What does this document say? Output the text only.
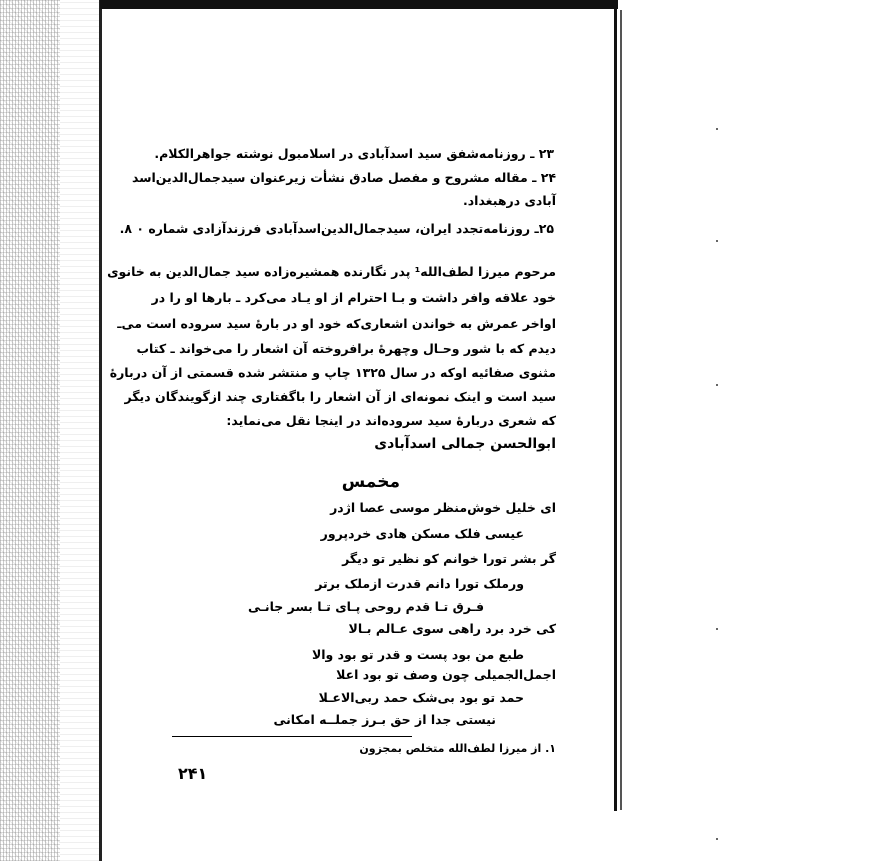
۲۳ ـ روزنامه‌شفق سید اسدآبادی در اسلامبول نوشته جواهرالکلام.
۲۴ ـ مقاله مشروح و مفصل صادق نشأت زیرعنوان سیدجمال‌الدین‌اسد
آبادی درهبغداد.
۲۵ـ روزنامه‌تجدد ایران، سیدجمال‌الدین‌اسدآبادی فرزندآزادی شماره ۰ ۸.
مرحوم میرزا لطف‌الله¹ پدر نگارنده همشیره‌زاده سید جمال‌الدین به خانوی
خود علاقه وافر داشت و بـا احترام از او یـاد می‌کرد ـ بارها او را در
اواخر عمرش به خواندن اشعاری‌که خود او در بارهٔ سید سروده است می‌ـ
دیدم که با شور وحـال وچهرهٔ برافروخته آن اشعار را می‌خواند ـ کتاب
مثنوی صفائیه اوکه در سال ۱۳۲۵ چاپ و منتشر شده قسمتی از آن دربارهٔ
سید است و اینک نمونه‌ای از آن اشعار را باگفتاری چند ازگویندگان دیگر
که شعری دربارهٔ سید سروده‌اند در اینجا نقل می‌نماید:
ابوالحسن جمالی اسدآبادی
مخمس
ای خلیل خوش‌منظر موسی عصا اژدر
عیسی فلک مسکن هادی خردپرور
گر بشر تورا خوانم کو نظیر تو دیگر
ورملک تورا دانم قدرت ازملک برتر
فـرق تـا قدم روحی پـای تـا بسر جانـی
کی خرد برد راهی سوی عـالم بـالا
طبع من بود پست و قدر تو بود والا
اجمل‌الجمیلی چون وصف تو بود اعلا
حمد تو بود بی‌شک حمد ربی‌الاعـلا
نیستی جدا از حق بـرز جملــه امکانی
۱. از میرزا لطف‌الله متخلص بمجزون
۲۴۱
